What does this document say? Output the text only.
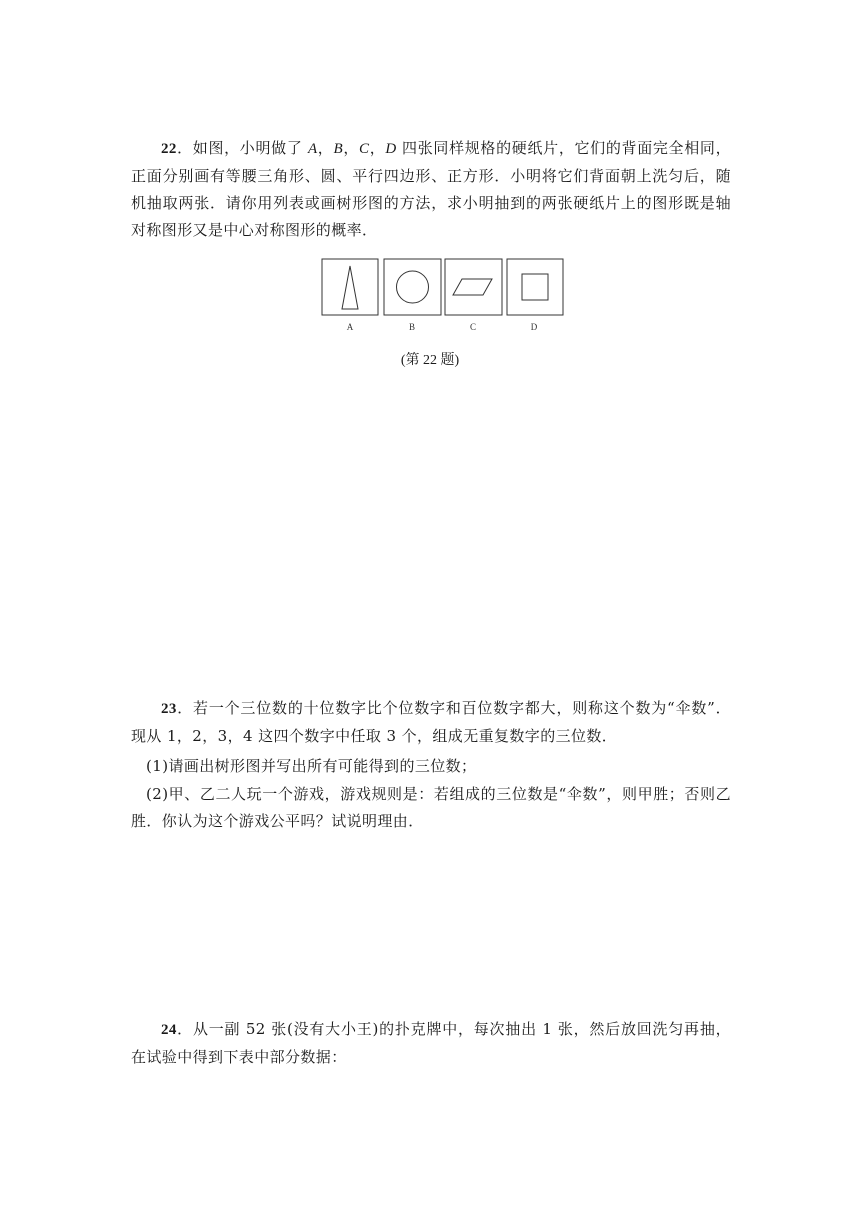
22．如图，小明做了 A，B，C，D 四张同样规格的硬纸片，它们的背面完全相同，正面分别画有等腰三角形、圆、平行四边形、正方形．小明将它们背面朝上洗匀后，随机抽取两张．请你用列表或画树形图的方法，求小明抽到的两张硬纸片上的图形既是轴对称图形又是中心对称图形的概率．

A	B	C	D
(第 22 题)

23．若一个三位数的十位数字比个位数字和百位数字都大，则称这个数为“伞数”．现从 1，2，3，4 这四个数字中任取 3 个，组成无重复数字的三位数．

(1)请画出树形图并写出所有可能得到的三位数；

(2)甲、乙二人玩一个游戏，游戏规则是：若组成的三位数是“伞数”，则甲胜；否则乙胜．你认为这个游戏公平吗？试说明理由．

24．从一副 52 张(没有大小王)的扑克牌中，每次抽出 1 张，然后放回洗匀再抽，在试验中得到下表中部分数据：
